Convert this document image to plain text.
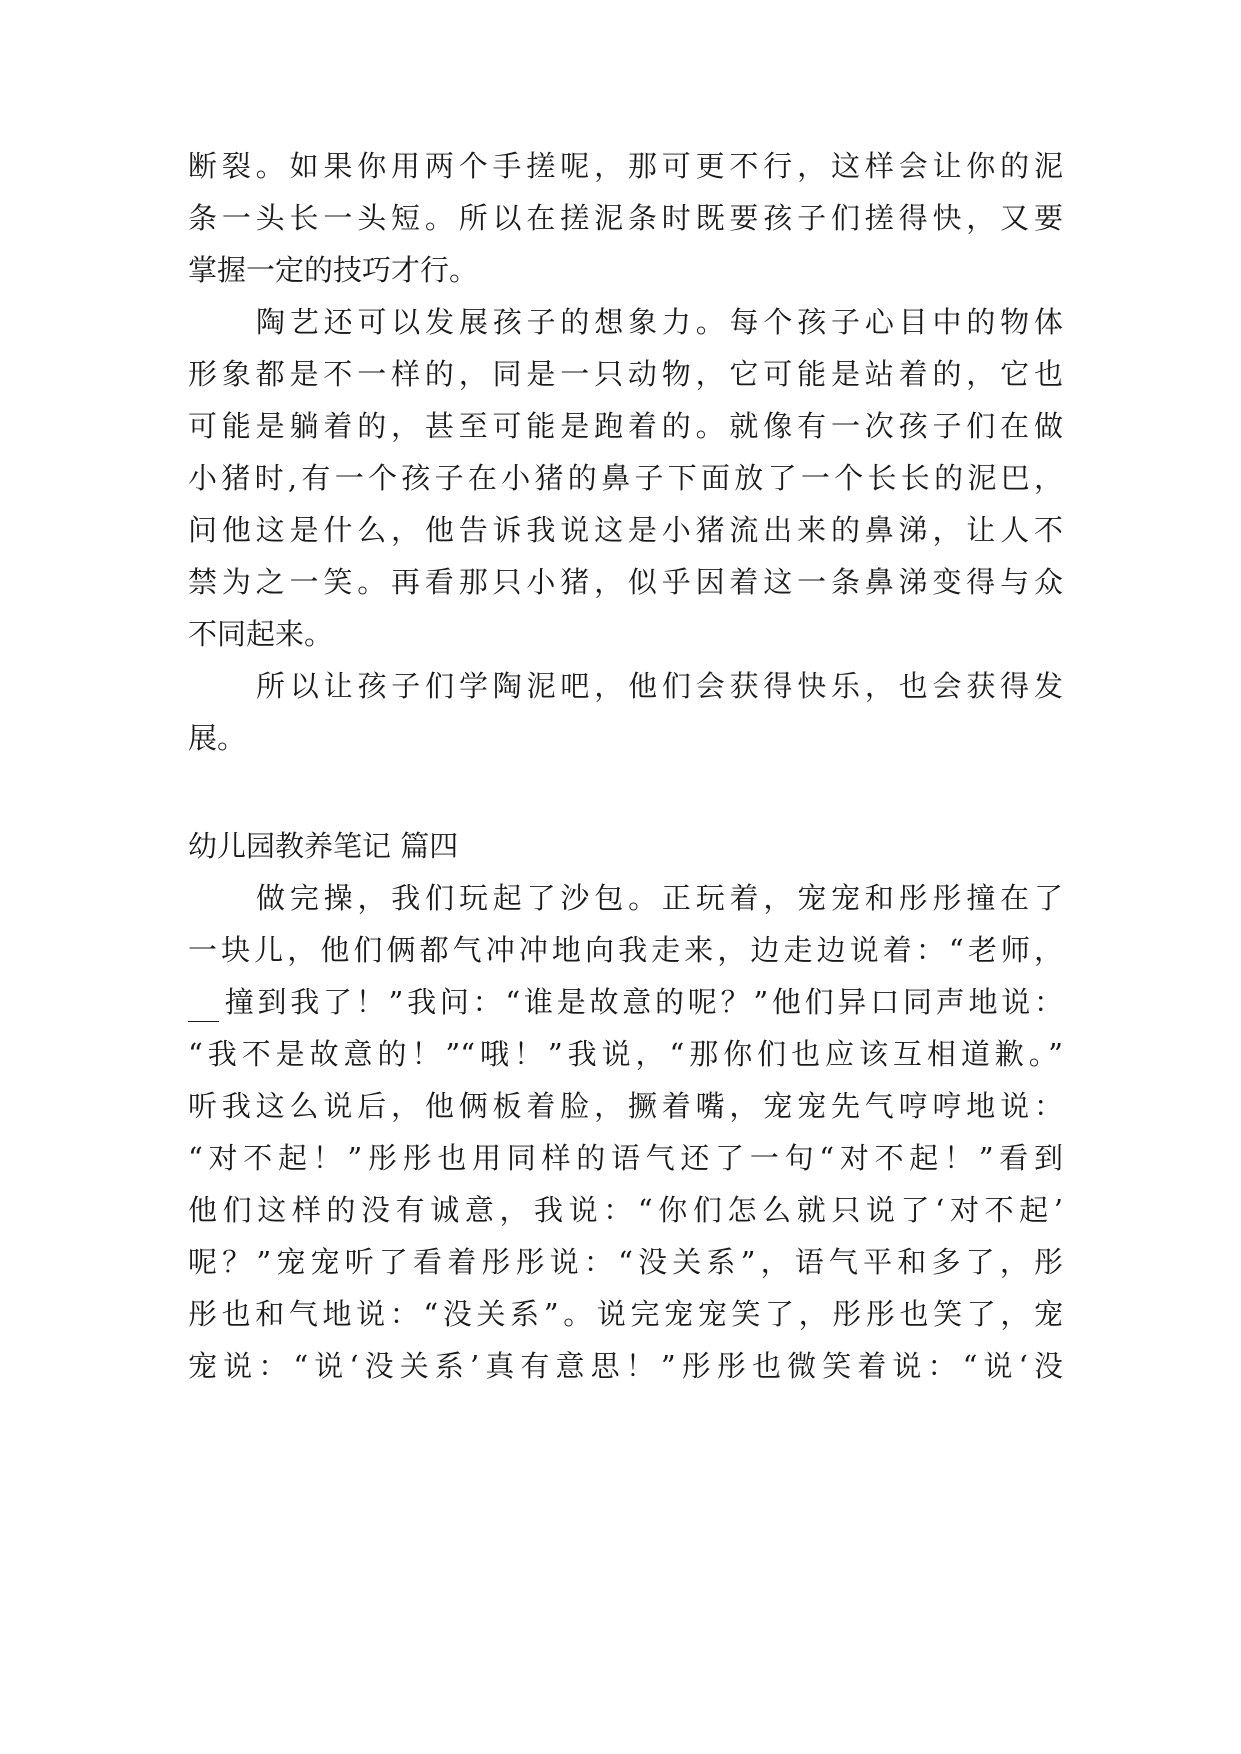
断裂。如果你用两个手搓呢，那可更不行，这样会让你的泥
条一头长一头短。所以在搓泥条时既要孩子们搓得快，又要
掌握一定的技巧才行。
陶艺还可以发展孩子的想象力。每个孩子心目中的物体
形象都是不一样的，同是一只动物，它可能是站着的，它也
可能是躺着的，甚至可能是跑着的。就像有一次孩子们在做
小猪时,有一个孩子在小猪的鼻子下面放了一个长长的泥巴，
问他这是什么，他告诉我说这是小猪流出来的鼻涕，让人不
禁为之一笑。再看那只小猪，似乎因着这一条鼻涕变得与众
不同起来。
所以让孩子们学陶泥吧，他们会获得快乐，也会获得发
展。
幼儿园教养笔记 篇四
做完操，我们玩起了沙包。正玩着，宠宠和彤彤撞在了
一块儿，他们俩都气冲冲地向我走来，边走边说着：“老师，
撞到我了！”我问：“谁是故意的呢？”他们异口同声地说：
“我不是故意的！”“哦！”我说，“那你们也应该互相道歉。”
听我这么说后，他俩板着脸，撅着嘴，宠宠先气哼哼地说：
“对不起！”彤彤也用同样的语气还了一句“对不起！”看到
他们这样的没有诚意，我说：“你们怎么就只说了‘对不起’
呢？”宠宠听了看着彤彤说：“没关系”，语气平和多了，彤
彤也和气地说：“没关系”。说完宠宠笑了，彤彤也笑了，宠
宠说：“说‘没关系’真有意思！”彤彤也微笑着说：“说‘没
